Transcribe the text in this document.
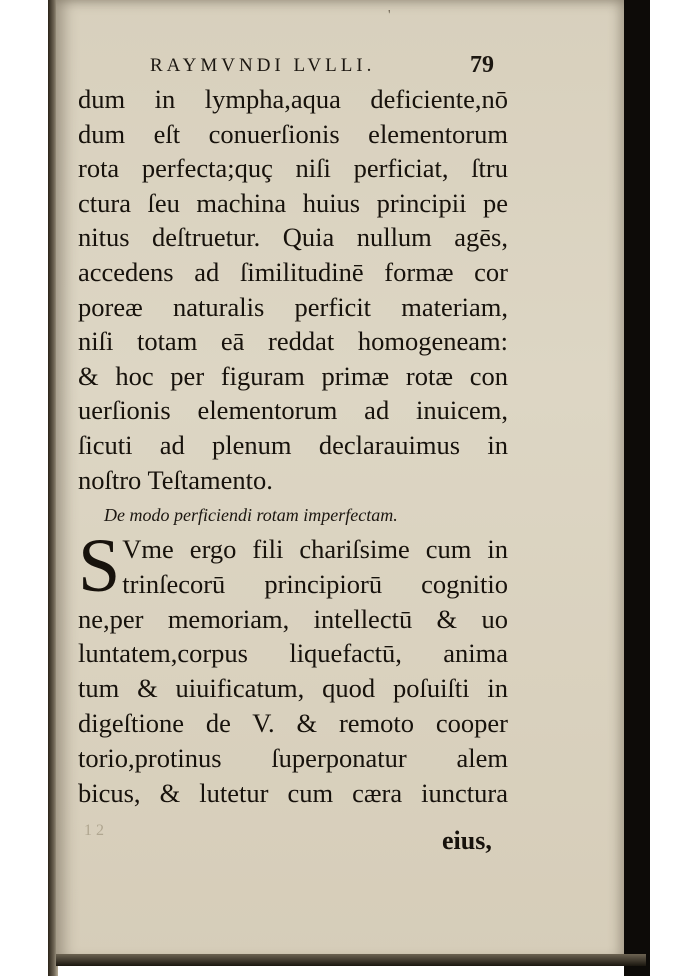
'
RAYMVNDI LVLLI.	79
dum in lympha,aqua deficiente,nō
dum eſt conuerſionis elementorum
rota perfecta;quç niſi perficiat, ſtru
ctura ſeu machina huius principii pe
nitus deſtruetur. Quia nullum agēs,
accedens ad ſimilitudinē formæ cor
poreæ naturalis perficit materiam,
niſi totam eā reddat homogeneam:
& hoc per figuram primæ rotæ con
uerſionis elementorum ad inuicem,
ſicuti ad plenum declarauimus in
noſtro Teſtamento.
De modo perficiendi rotam imperfectam.
S Vme ergo fili chariſsime cum in
trinſecorū principiorū cognitio
ne,per memoriam, intellectū & uo
luntatem,corpus liquefactū, anima
tum & uiuificatum, quod poſuiſti in
digeſtione de V. & remoto cooper
torio,protinus ſuperponatur alem
bicus, & lutetur cum cæra iunctura
1 2	eius,
